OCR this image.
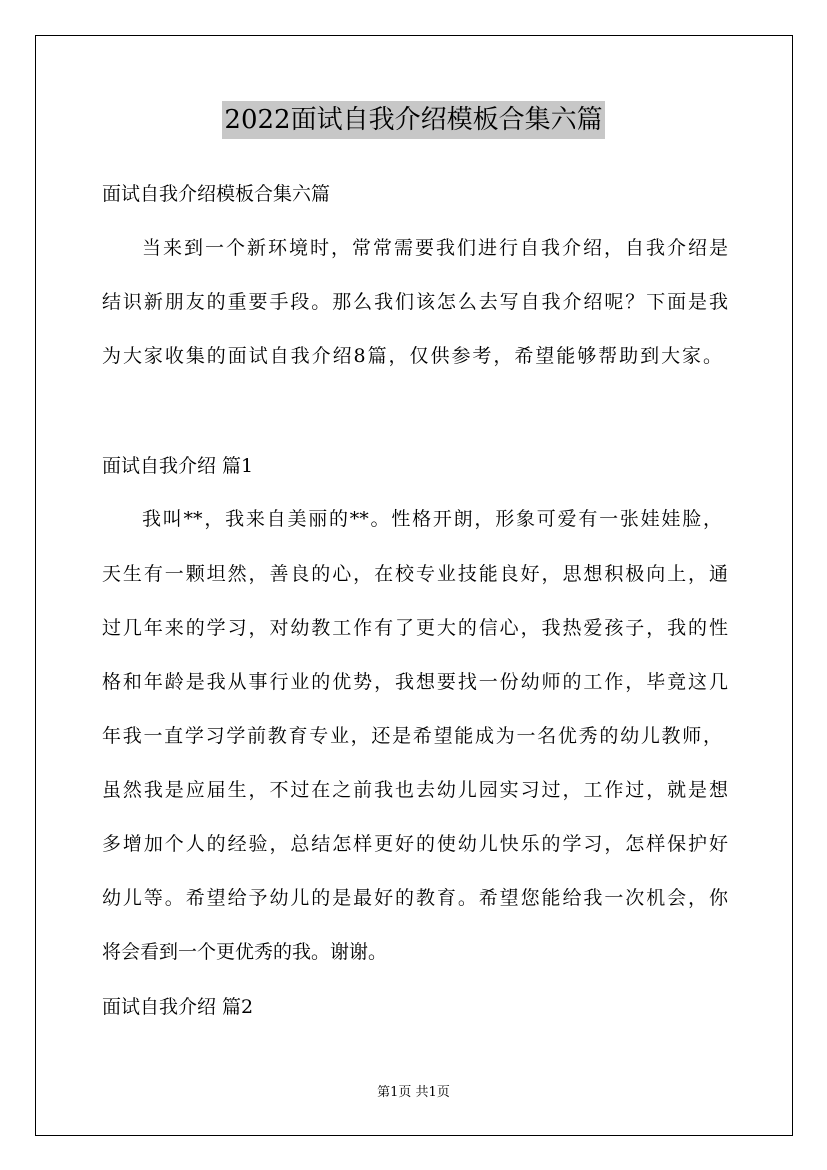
2022面试自我介绍模板合集六篇
面试自我介绍模板合集六篇
当来到一个新环境时，常常需要我们进行自我介绍，自我介绍是
结识新朋友的重要手段。那么我们该怎么去写自我介绍呢？下面是我
为大家收集的面试自我介绍8篇，仅供参考，希望能够帮助到大家。
面试自我介绍 篇1
我叫**，我来自美丽的**。性格开朗，形象可爱有一张娃娃脸，
天生有一颗坦然，善良的心，在校专业技能良好，思想积极向上，通
过几年来的学习，对幼教工作有了更大的信心，我热爱孩子，我的性
格和年龄是我从事行业的优势，我想要找一份幼师的工作，毕竟这几
年我一直学习学前教育专业，还是希望能成为一名优秀的幼儿教师，
虽然我是应届生，不过在之前我也去幼儿园实习过，工作过，就是想
多增加个人的经验，总结怎样更好的使幼儿快乐的学习，怎样保护好
幼儿等。希望给予幼儿的是最好的教育。希望您能给我一次机会，你
将会看到一个更优秀的我。谢谢。
面试自我介绍 篇2
第1页 共1页
